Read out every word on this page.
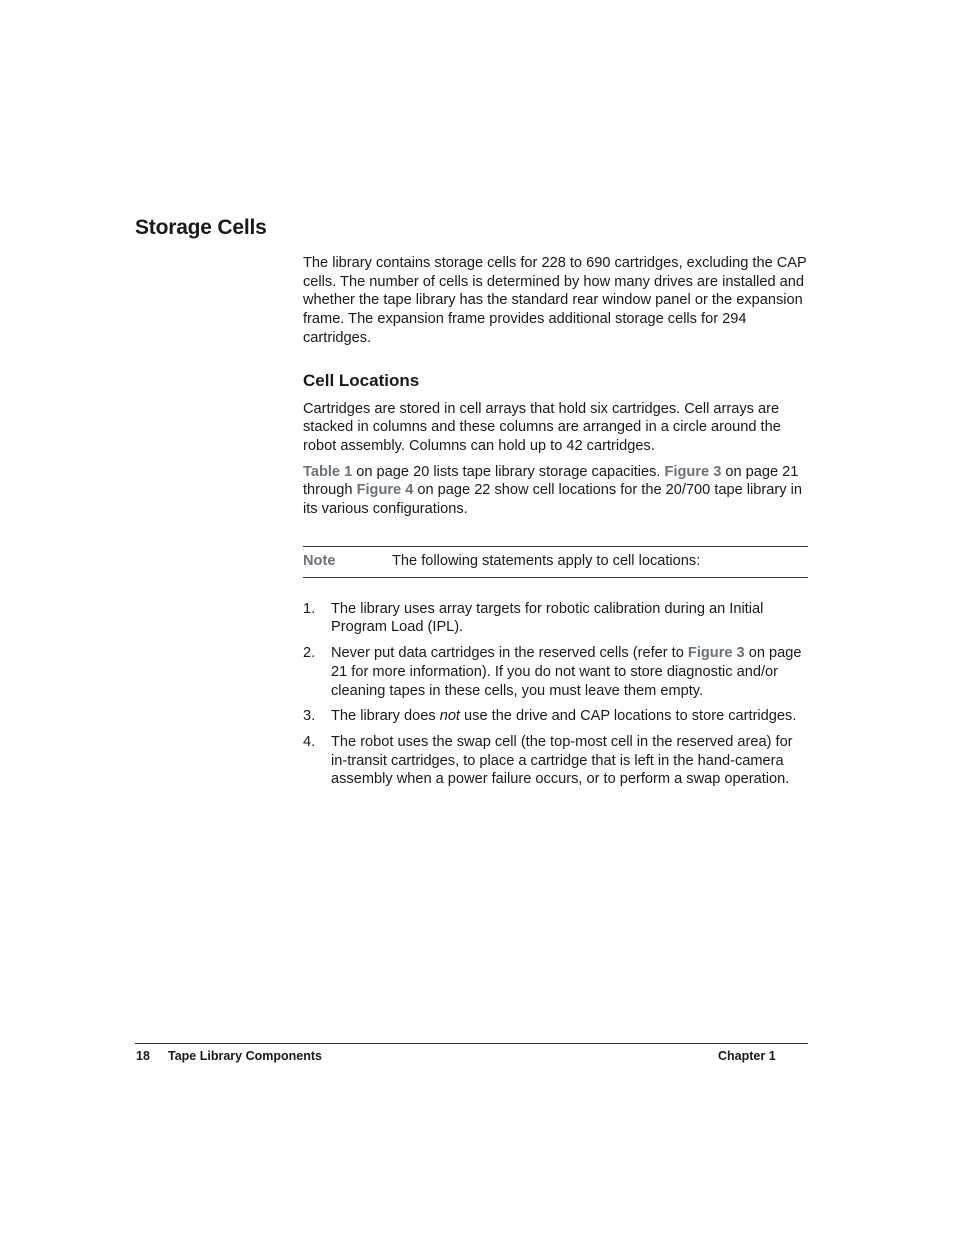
Storage Cells

The library contains storage cells for 228 to 690 cartridges, excluding the CAP cells. The number of cells is determined by how many drives are installed and whether the tape library has the standard rear window panel or the expansion frame. The expansion frame provides additional storage cells for 294 cartridges.

Cell Locations

Cartridges are stored in cell arrays that hold six cartridges. Cell arrays are stacked in columns and these columns are arranged in a circle around the robot assembly. Columns can hold up to 42 cartridges.

Table 1 on page 20 lists tape library storage capacities. Figure 3 on page 21 through Figure 4 on page 22 show cell locations for the 20/700 tape library in its various configurations.

Note	The following statements apply to cell locations:
1.	The library uses array targets for robotic calibration during an Initial Program Load (IPL).
2.	Never put data cartridges in the reserved cells (refer to Figure 3 on page 21 for more information). If you do not want to store diagnostic and/or cleaning tapes in these cells, you must leave them empty.
3.	The library does not use the drive and CAP locations to store cartridges.
4.	The robot uses the swap cell (the top-most cell in the reserved area) for in-transit cartridges, to place a cartridge that is left in the hand-camera assembly when a power failure occurs, or to perform a swap operation.
18 Tape Library Components	Chapter 1
